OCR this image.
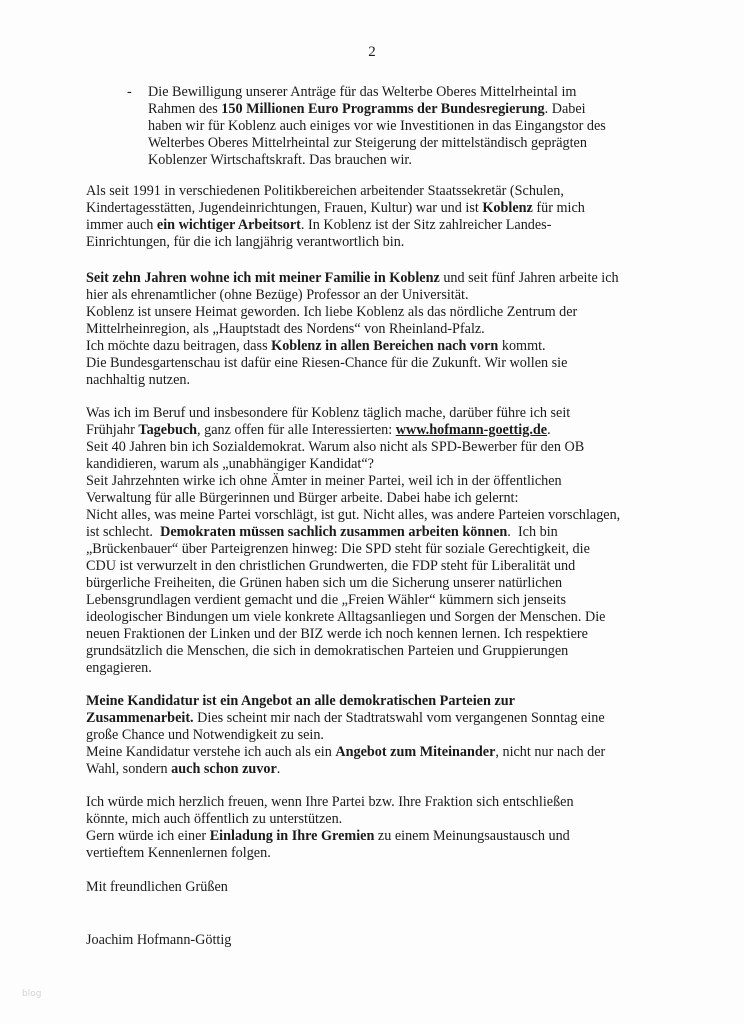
2
- Die Bewilligung unserer Anträge für das Welterbe Oberes Mittelrheintal im
Rahmen des 150 Millionen Euro Programms der Bundesregierung. Dabei
haben wir für Koblenz auch einiges vor wie Investitionen in das Eingangstor des
Welterbes Oberes Mittelrheintal zur Steigerung der mittelständisch geprägten
Koblenzer Wirtschaftskraft. Das brauchen wir.
Als seit 1991 in verschiedenen Politikbereichen arbeitender Staatssekretär (Schulen,
Kindertagesstätten, Jugendeinrichtungen, Frauen, Kultur) war und ist Koblenz für mich
immer auch ein wichtiger Arbeitsort. In Koblenz ist der Sitz zahlreicher Landes-
Einrichtungen, für die ich langjährig verantwortlich bin.
Seit zehn Jahren wohne ich mit meiner Familie in Koblenz und seit fünf Jahren arbeite ich
hier als ehrenamtlicher (ohne Bezüge) Professor an der Universität.
Koblenz ist unsere Heimat geworden. Ich liebe Koblenz als das nördliche Zentrum der
Mittelrheinregion, als „Hauptstadt des Nordens“ von Rheinland-Pfalz.
Ich möchte dazu beitragen, dass Koblenz in allen Bereichen nach vorn kommt.
Die Bundesgartenschau ist dafür eine Riesen-Chance für die Zukunft. Wir wollen sie
nachhaltig nutzen.
Was ich im Beruf und insbesondere für Koblenz täglich mache, darüber führe ich seit
Frühjahr Tagebuch, ganz offen für alle Interessierten: www.hofmann-goettig.de.
Seit 40 Jahren bin ich Sozialdemokrat. Warum also nicht als SPD-Bewerber für den OB
kandidieren, warum als „unabhängiger Kandidat“?
Seit Jahrzehnten wirke ich ohne Ämter in meiner Partei, weil ich in der öffentlichen
Verwaltung für alle Bürgerinnen und Bürger arbeite. Dabei habe ich gelernt:
Nicht alles, was meine Partei vorschlägt, ist gut. Nicht alles, was andere Parteien vorschlagen,
ist schlecht.  Demokraten müssen sachlich zusammen arbeiten können.  Ich bin
„Brückenbauer“ über Parteigrenzen hinweg: Die SPD steht für soziale Gerechtigkeit, die
CDU ist verwurzelt in den christlichen Grundwerten, die FDP steht für Liberalität und
bürgerliche Freiheiten, die Grünen haben sich um die Sicherung unserer natürlichen
Lebensgrundlagen verdient gemacht und die „Freien Wähler“ kümmern sich jenseits
ideologischer Bindungen um viele konkrete Alltagsanliegen und Sorgen der Menschen. Die
neuen Fraktionen der Linken und der BIZ werde ich noch kennen lernen. Ich respektiere
grundsätzlich die Menschen, die sich in demokratischen Parteien und Gruppierungen
engagieren.
Meine Kandidatur ist ein Angebot an alle demokratischen Parteien zur
Zusammenarbeit. Dies scheint mir nach der Stadtratswahl vom vergangenen Sonntag eine
große Chance und Notwendigkeit zu sein.
Meine Kandidatur verstehe ich auch als ein Angebot zum Miteinander, nicht nur nach der
Wahl, sondern auch schon zuvor.
Ich würde mich herzlich freuen, wenn Ihre Partei bzw. Ihre Fraktion sich entschließen
könnte, mich auch öffentlich zu unterstützen.
Gern würde ich einer Einladung in Ihre Gremien zu einem Meinungsaustausch und
vertieftem Kennenlernen folgen.
Mit freundlichen Grüßen
Joachim Hofmann-Göttig
blog
